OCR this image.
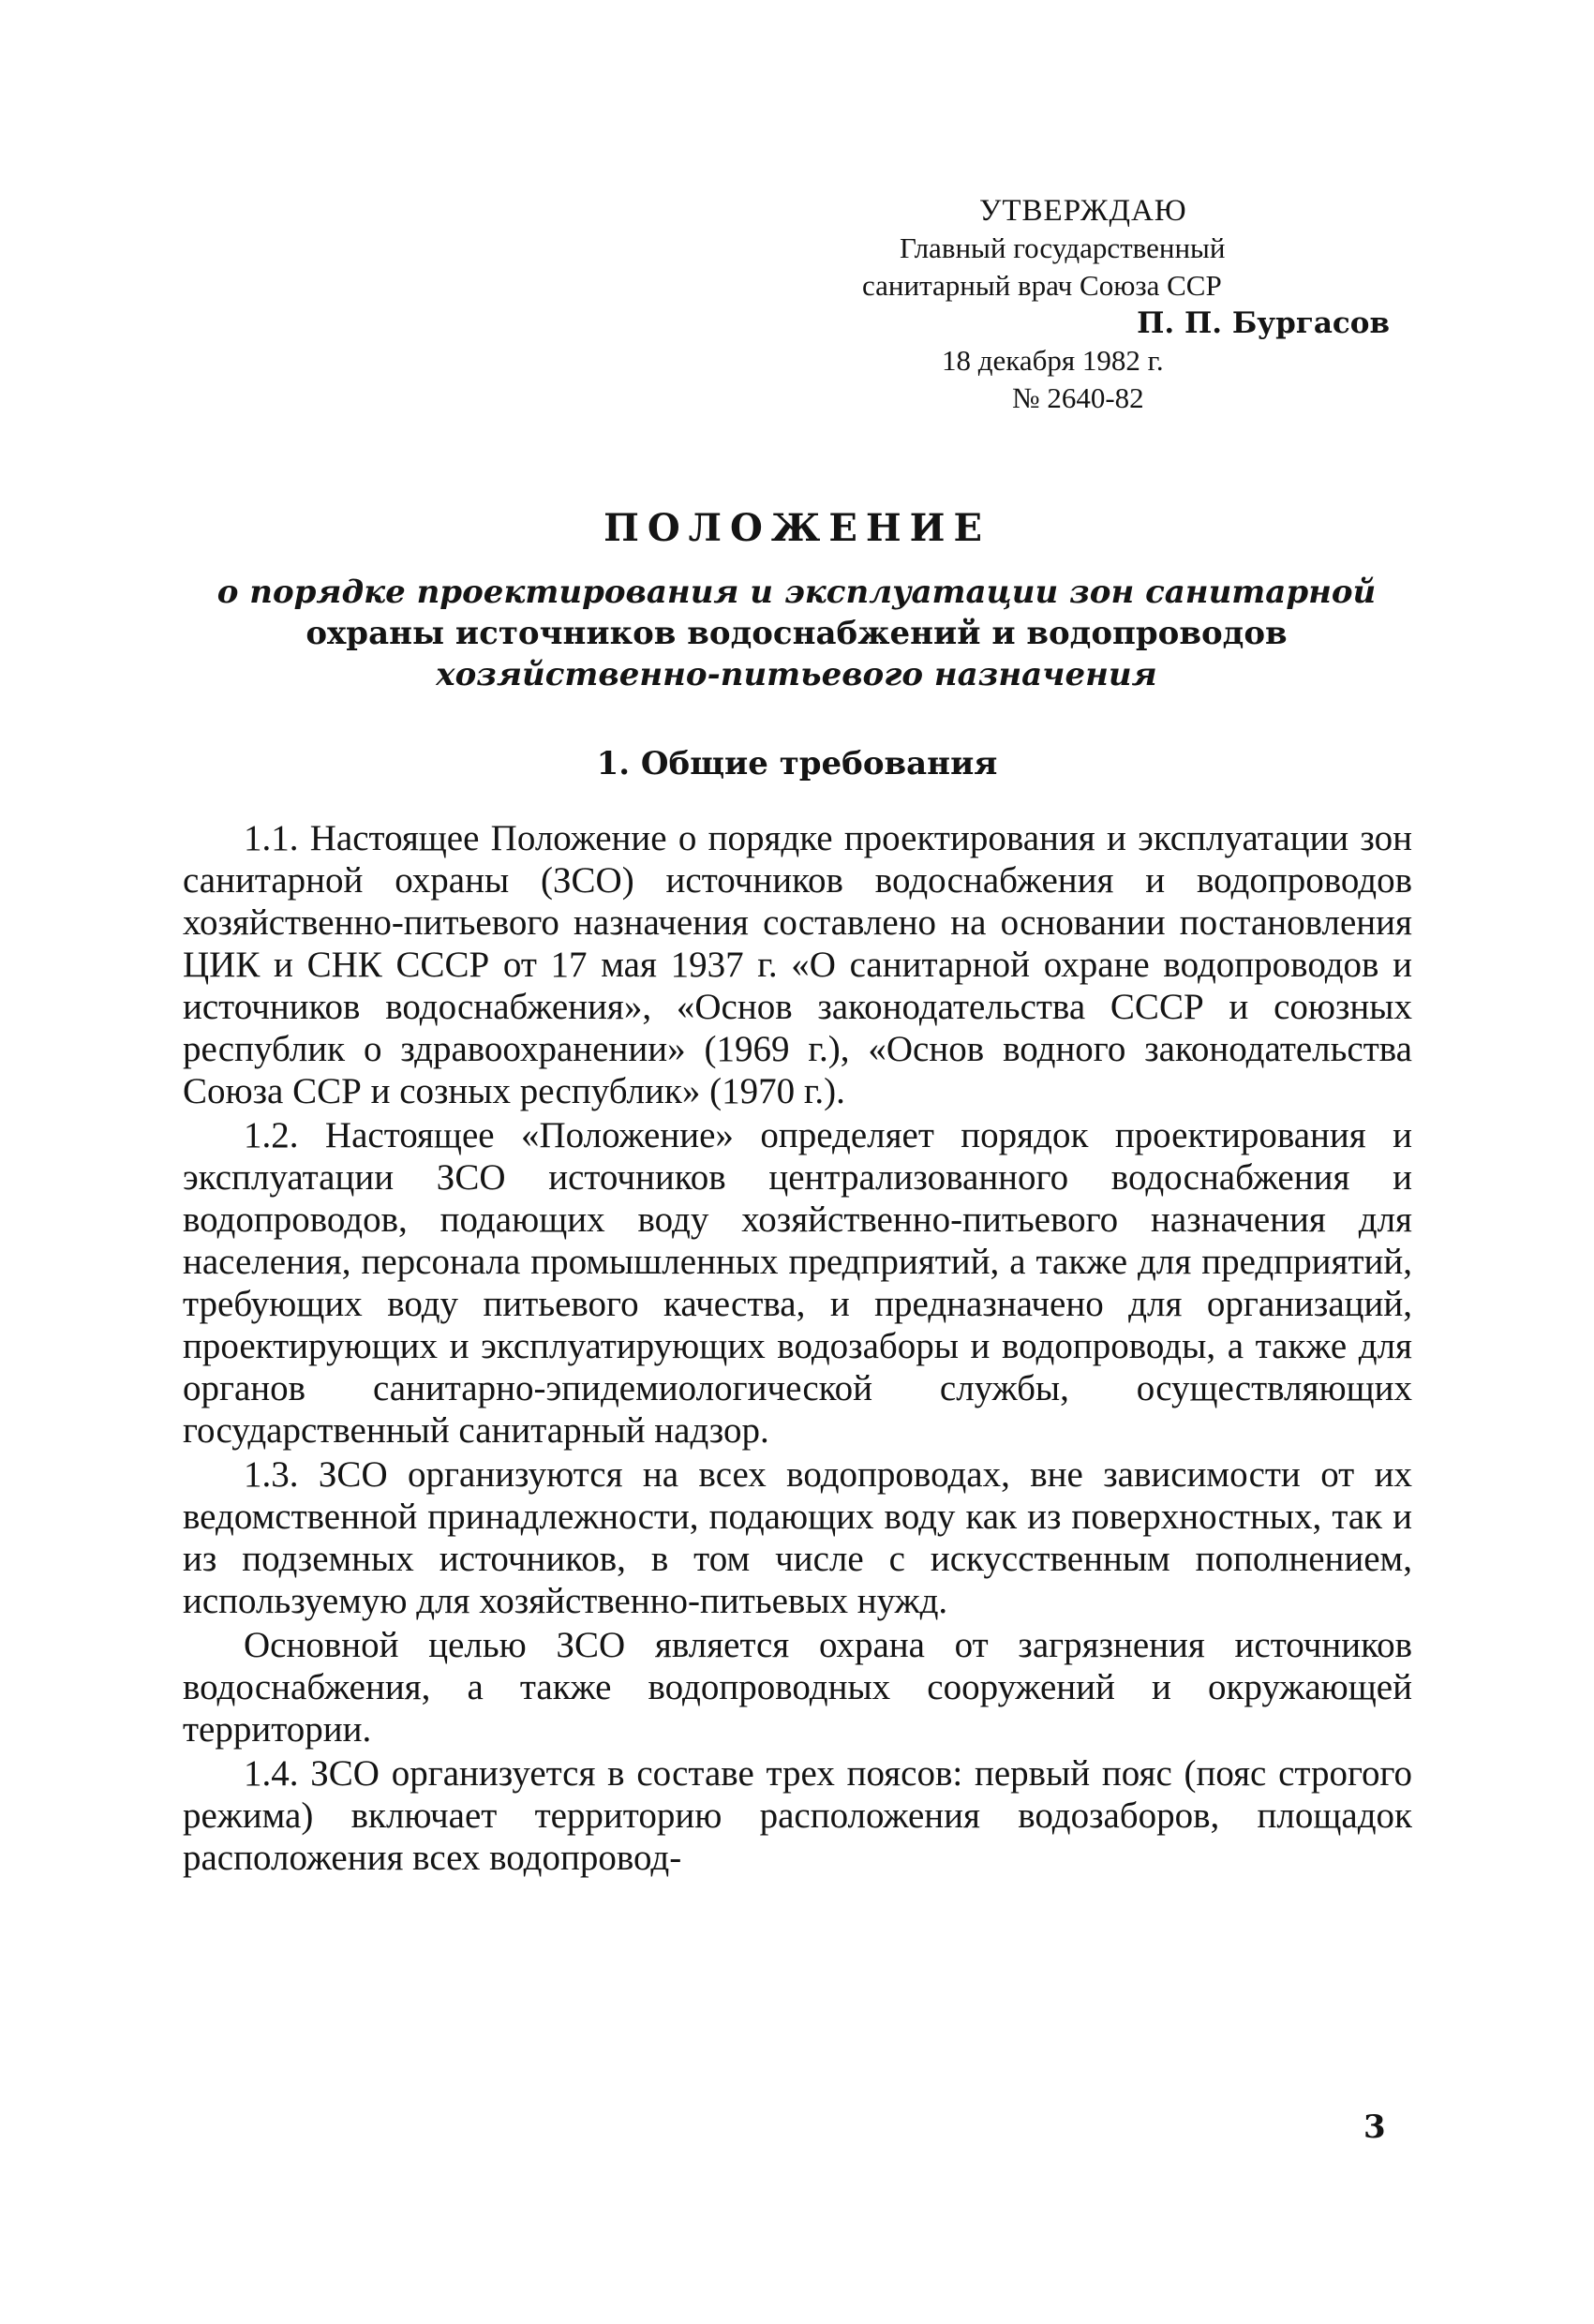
УТВЕРЖДАЮ
Главный государственный
санитарный врач Союза ССР
П. П. Бургасов
18 декабря 1982 г.
№ 2640-82
ПОЛОЖЕНИЕ
о порядке проектирования и эксплуатации зон санитарной
охраны источников водоснабжений и водопроводов
хозяйственно-питьевого назначения
1. Общие требования

1.1. Настоящее Положение о порядке проектирования и эксплуатации зон санитарной охраны (ЗСО) источников водоснабжения и водопроводов хозяйственно-питьевого назначения составлено на основании постановления ЦИК и СНК СССР от 17 мая 1937 г. «О санитарной охране водопроводов и источников водоснабжения», «Основ законодательства СССР и союзных республик о здравоохранении» (1969 г.), «Основ водного законодательства Союза ССР и созных республик» (1970 г.).

1.2. Настоящее «Положение» определяет порядок проектирования и эксплуатации ЗСО источников централизованного водоснабжения и водопроводов, подающих воду хозяйственно-питьевого назначения для населения, персонала промышленных предприятий, а также для предприятий, требующих воду питьевого качества, и предназначено для организаций, проектирующих и эксплуатирующих водозаборы и водопроводы, а также для органов санитарно-эпидемиологической службы, осуществляющих государственный санитарный надзор.

1.3. ЗСО организуются на всех водопроводах, вне зависимости от их ведомственной принадлежности, подающих воду как из поверхностных, так и из подземных источников, в том числе с искусственным пополнением, используемую для хозяйственно-питьевых нужд.

Основной целью ЗСО является охрана от загрязнения источников водоснабжения, а также водопроводных сооружений и окружающей территории.

1.4. ЗСО организуется в составе трех поясов: первый пояс (пояс строгого режима) включает территорию расположения водозаборов, площадок расположения всех водопровод-

3
